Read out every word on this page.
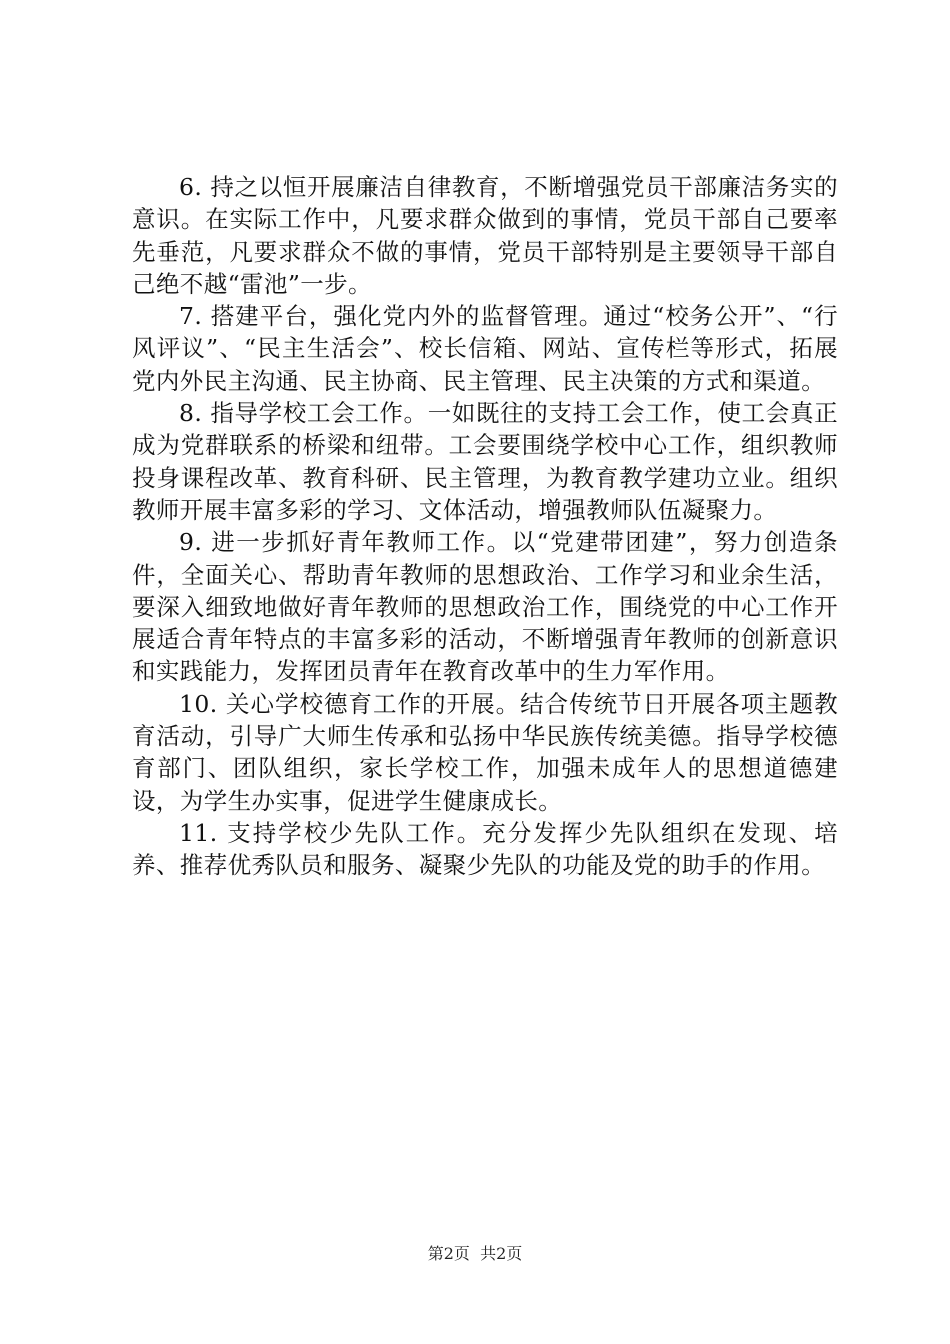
6. 持之以恒开展廉洁自律教育，不断增强党员干部廉洁务实的意识。在实际工作中，凡要求群众做到的事情，党员干部自己要率先垂范，凡要求群众不做的事情，党员干部特别是主要领导干部自己绝不越“雷池”一步。

7. 搭建平台，强化党内外的监督管理。通过“校务公开”、“行风评议”、“民主生活会”、校长信箱、网站、宣传栏等形式，拓展党内外民主沟通、民主协商、民主管理、民主决策的方式和渠道。

8. 指导学校工会工作。一如既往的支持工会工作，使工会真正成为党群联系的桥梁和纽带。工会要围绕学校中心工作，组织教师投身课程改革、教育科研、民主管理，为教育教学建功立业。组织教师开展丰富多彩的学习、文体活动，增强教师队伍凝聚力。

9. 进一步抓好青年教师工作。以“党建带团建”，努力创造条件，全面关心、帮助青年教师的思想政治、工作学习和业余生活，要深入细致地做好青年教师的思想政治工作，围绕党的中心工作开展适合青年特点的丰富多彩的活动，不断增强青年教师的创新意识和实践能力，发挥团员青年在教育改革中的生力军作用。

10. 关心学校德育工作的开展。结合传统节日开展各项主题教育活动，引导广大师生传承和弘扬中华民族传统美德。指导学校德育部门、团队组织，家长学校工作，加强未成年人的思想道德建设，为学生办实事，促进学生健康成长。

11. 支持学校少先队工作。充分发挥少先队组织在发现、培养、推荐优秀队员和服务、凝聚少先队的功能及党的助手的作用。

第2页 共2页
